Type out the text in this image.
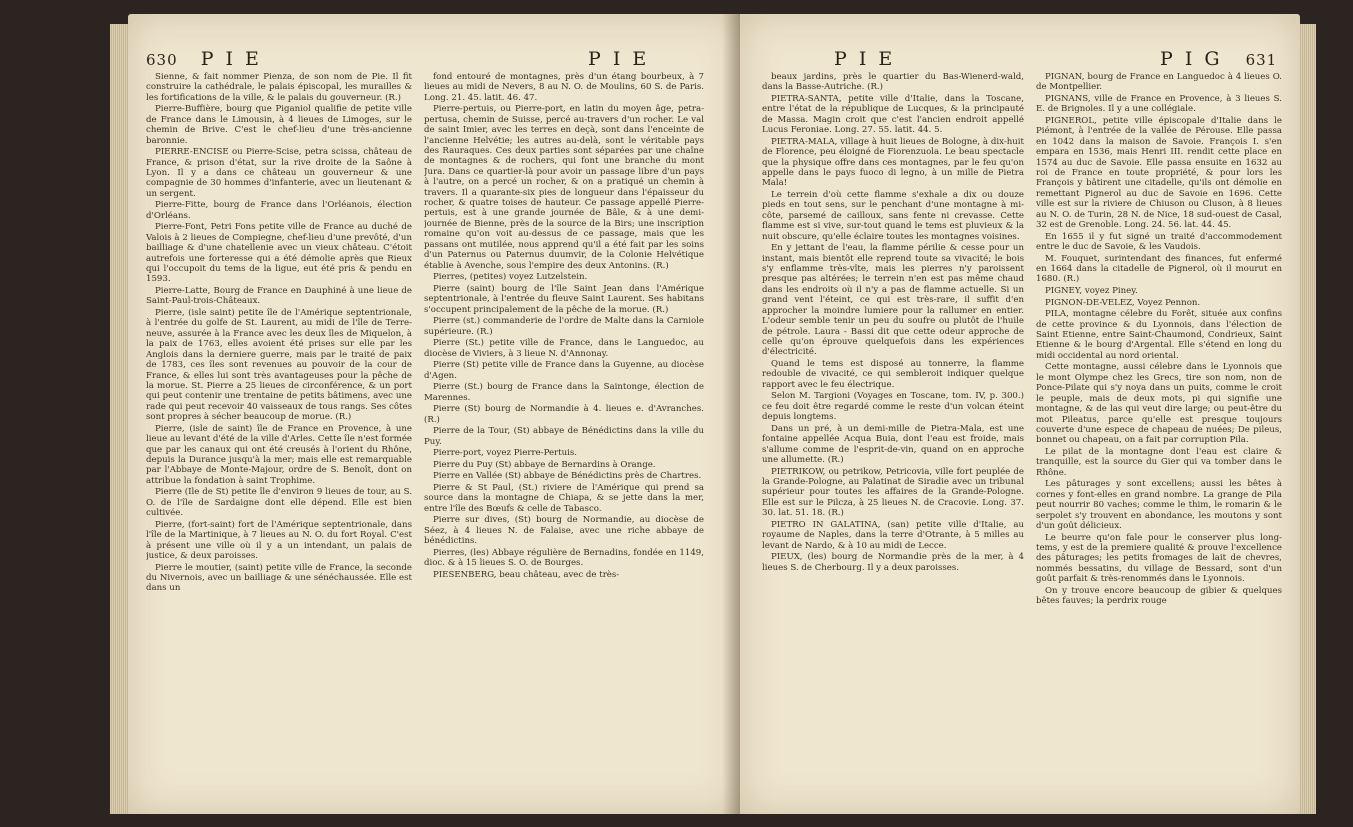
630 P I E	P I E

Sienne, & fait nommer Pienza, de son nom de Pie. Il fit construire la cathédrale, le palais épiscopal, les murailles & les fortifications de la ville, & le palais du gouverneur. (R.)

Pierre-Buffière, bourg que Piganiol qualifie de petite ville de France dans le Limousin, à 4 lieues de Limoges, sur le chemin de Brive. C'est le chef-lieu d'une très-ancienne baronnie.

PIERRE-ENCISE ou Pierre-Scise, petra scissa, château de France, & prison d'état, sur la rive droite de la Saône à Lyon. Il y a dans ce château un gouverneur & une compagnie de 30 hommes d'infanterie, avec un lieutenant & un sergent.

Pierre-Fitte, bourg de France dans l'Orléanois, élection d'Orléans.

Pierre-Font, Petri Fons petite ville de France au duché de Valois à 2 lieues de Compiegne, chef-lieu d'une prevôté, d'un bailliage & d'une chatellenie avec un vieux château. C'étoit autrefois une forteresse qui a été démolie après que Rieux qui l'occupoit du tems de la ligue, eut été pris & pendu en 1593.

Pierre-Latte, Bourg de France en Dauphiné à une lieue de Saint-Paul-trois-Châteaux.

Pierre, (isle saint) petite île de l'Amérique septentrionale, à l'entrée du golfe de St. Laurent, au midi de l'île de Terre-neuve, assurée à la France avec les deux îles de Miquelon, à la paix de 1763, elles avoient été prises sur elle par les Anglois dans la derniere guerre, mais par le traité de paix de 1783, ces îles sont revenues au pouvoir de la cour de France, & elles lui sont très avantageuses pour la pêche de la morue. St. Pierre a 25 lieues de circonférence, & un port qui peut contenir une trentaine de petits bâtimens, avec une rade qui peut recevoir 40 vaisseaux de tous rangs. Ses côtes sont propres à sécher beaucoup de morue. (R.)

Pierre, (isle de saint) île de France en Provence, à une lieue au levant d'été de la ville d'Arles. Cette île n'est formée que par les canaux qui ont été creusés à l'orient du Rhône, depuis la Durance jusqu'à la mer; mais elle est remarquable par l'Abbaye de Monte-Majour, ordre de S. Benoît, dont on attribue la fondation à saint Trophime.

Pierre (Ile de St) petite île d'environ 9 lieues de tour, au S. O. de l'île de Sardaigne dont elle dépend. Elle est bien cultivée.

Pierre, (fort-saint) fort de l'Amérique septentrionale, dans l'île de la Martinique, à 7 lieues au N. O. du fort Royal. C'est à présent une ville où il y a un intendant, un palais de justice, & deux paroisses.

Pierre le moutier, (saint) petite ville de France, la seconde du Nivernois, avec un bailliage & une sénéchaussée. Elle est dans un

fond entouré de montagnes, près d'un étang bourbeux, à 7 lieues au midi de Nevers, 8 au N. O. de Moulins, 60 S. de Paris. Long. 21. 45. latit. 46. 47.

Pierre-pertuis, ou Pierre-port, en latin du moyen âge, petra-pertusa, chemin de Suisse, percé au-travers d'un rocher. Le val de saint Imier, avec les terres en deçà, sont dans l'enceinte de l'ancienne Helvétie; les autres au-delà, sont le véritable pays des Rauraques. Ces deux parties sont séparées par une chaîne de montagnes & de rochers, qui font une branche du mont Jura. Dans ce quartier-là pour avoir un passage libre d'un pays à l'autre, on a percé un rocher, & on a pratiqué un chemin à travers. Il a quarante-six pies de longueur dans l'épaisseur du rocher, & quatre toises de hauteur. Ce passage appellé Pierre-pertuis, est à une grande journée de Bâle, & à une demi-journée de Bienne, près de la source de la Birs; une inscription romaine qu'on voit au-dessus de ce passage, mais que les passans ont mutilée, nous apprend qu'il a été fait par les soins d'un Paternus ou Paternus duumvir, de la Colonie Helvétique établie à Avenche, sous l'empire des deux Antonins. (R.)

Pierres, (petites) voyez Lutzelstein.

Pierre (saint) bourg de l'île Saint Jean dans l'Amérique septentrionale, à l'entrée du fleuve Saint Laurent. Ses habitans s'occupent principalement de la pêche de la morue. (R.)

Pierre (st.) commanderie de l'ordre de Malte dans la Carniole supérieure. (R.)

Pierre (St.) petite ville de France, dans le Languedoc, au diocèse de Viviers, à 3 lieue N. d'Annonay.

Pierre (St) petite ville de France dans la Guyenne, au diocèse d'Agen.

Pierre (St.) bourg de France dans la Saintonge, élection de Marennes.

Pierre (St) bourg de Normandie à 4. lieues e. d'Avranches. (R.)

Pierre de la Tour, (St) abbaye de Bénédictins dans la ville du Puy.

Pierre-port, voyez Pierre-Pertuis.

Pierre du Puy (St) abbaye de Bernardins à Orange.

Pierre en Vallée (St) abbaye de Bénédictins près de Chartres.

Pierre & St Paul, (St.) riviere de l'Amérique qui prend sa source dans la montagne de Chiapa, & se jette dans la mer, entre l'île des Bœufs & celle de Tabasco.

Pierre sur dives, (St) bourg de Normandie, au diocèse de Séez, à 4 lieues N. de Falaise, avec une riche abbaye de bénédictins.

Pierres, (les) Abbaye régulière de Bernadins, fondée en 1149, dioc. & à 15 lieues S. O. de Bourges.

PIESENBERG, beau château, avec de très-

P I E	P I G 631

beaux jardins, près le quartier du Bas-Wienerd-wald, dans la Basse-Autriche. (R.)

PIETRA-SANTA, petite ville d'Italie, dans la Toscane, entre l'état de la république de Lucques, & la principauté de Massa. Magin croit que c'est l'ancien endroit appellé Lucus Feroniae. Long. 27. 55. latit. 44. 5.

PIETRA-MALA, village à huit lieues de Bologne, à dix-huit de Florence, peu éloigné de Fiorenzuola. Le beau spectacle que la physique offre dans ces montagnes, par le feu qu'on appelle dans le pays fuoco di legno, à un mille de Pietra Mala!

Le terrein d'où cette flamme s'exhale a dix ou douze pieds en tout sens, sur le penchant d'une montagne à mi-côte, parsemé de cailloux, sans fente ni crevasse. Cette flamme est si vive, sur-tout quand le tems est pluvieux & la nuit obscure, qu'elle éclaire toutes les montagnes voisines.

En y jettant de l'eau, la flamme périlie & cesse pour un instant, mais bientôt elle reprend toute sa vivacité; le bois s'y enflamme très-vîte, mais les pierres n'y paroissent presque pas altérées; le terrein n'en est pas même chaud dans les endroits où il n'y a pas de flamme actuelle. Si un grand vent l'éteint, ce qui est très-rare, il suffit d'en approcher la moindre lumiere pour la rallumer en entier. L'odeur semble tenir un peu du soufre ou plutôt de l'huile de pétrole. Laura - Bassi dit que cette odeur approche de celle qu'on éprouve quelquefois dans les expériences d'électricité.

Quand le tems est disposé au tonnerre, la flamme redouble de vivacité, ce qui sembleroit indiquer quelque rapport avec le feu électrique.

Selon M. Targioni (Voyages en Toscane, tom. IV, p. 300.) ce feu doit être regardé comme le reste d'un volcan éteint depuis longtems.

Dans un pré, à un demi-mille de Pietra-Mala, est une fontaine appellée Acqua Buia, dont l'eau est froide, mais s'allume comme de l'esprit-de-vin, quand on en approche une allumette. (R.)

PIETRIKOW, ou petrikow, Petricovia, ville fort peuplée de la Grande-Pologne, au Palatinat de Siradie avec un tribunal supérieur pour toutes les affaires de la Grande-Pologne. Elle est sur le Pilcza, à 25 lieues N. de Cracovie. Long. 37. 30. lat. 51. 18. (R.)

PIETRO IN GALATINA, (san) petite ville d'Italie, au royaume de Naples, dans la terre d'Otrante, à 5 milles au levant de Nardo, & à 10 au midi de Lecce.

PIEUX, (les) bourg de Normandie près de la mer, à 4 lieues S. de Cherbourg. Il y a deux paroisses.

PIGNAN, bourg de France en Languedoc à 4 lieues O. de Montpellier.

PIGNANS, ville de France en Provence, à 3 lieues S. E. de Brignoles. Il y a une collégiale.

PIGNEROL, petite ville épiscopale d'Italie dans le Piémont, à l'entrée de la vallée de Pérouse. Elle passa en 1042 dans la maison de Savoie. François I. s'en empara en 1536, mais Henri III. rendit cette place en 1574 au duc de Savoie. Elle passa ensuite en 1632 au roi de France en toute propriété, & pour lors les François y bâtirent une citadelle, qu'ils ont démolie en remettant Pignerol au duc de Savoie en 1696. Cette ville est sur la riviere de Chiuson ou Cluson, à 8 lieues au N. O. de Turin, 28 N. de Nice, 18 sud-ouest de Casal, 32 est de Grenoble. Long. 24. 56. lat. 44. 45.

En 1655 il y fut signé un traité d'accommodement entre le duc de Savoie, & les Vaudois.

M. Fouquet, surintendant des finances, fut enfermé en 1664 dans la citadelle de Pignerol, où il mourut en 1680. (R.)

PIGNEY, voyez Piney.

PIGNON-DE-VELEZ, Voyez Pennon.

PILA, montagne célebre du Forêt, située aux confins de cette province & du Lyonnois, dans l'élection de Saint Etienne, entre Saint-Chaumond, Condrieux, Saint Etienne & le bourg d'Argental. Elle s'étend en long du midi occidental au nord oriental.

Cette montagne, aussi célebre dans le Lyonnois que le mont Olympe chez les Grecs, tire son nom, non de Ponce-Pilate qui s'y noya dans un puits, comme le croit le peuple, mais de deux mots, pi qui signifie une montagne, & de las qui veut dire large; ou peut-être du mot Pileatus, parce qu'elle est presque toujours couverte d'une espece de chapeau de nuées; De pileus, bonnet ou chapeau, on a fait par corruption Pila.

Le pilat de la montagne dont l'eau est claire & tranquille, est la source du Gier qui va tomber dans le Rhône.

Les pâturages y sont excellens; aussi les bêtes à cornes y font-elles en grand nombre. La grange de Pila peut nourrir 80 vaches; comme le thim, le romarin & le serpolet s'y trouvent en abondance, les moutons y sont d'un goût délicieux.

Le beurre qu'on fale pour le conserver plus long-tems, y est de la premiere qualité & prouve l'excellence des pâturages; les petits fromages de lait de chevres, nommés bessatins, du village de Bessard, sont d'un goût parfait & très-renommés dans le Lyonnois.

On y trouve encore beaucoup de gibier & quelques bêtes fauves; la perdrix rouge
